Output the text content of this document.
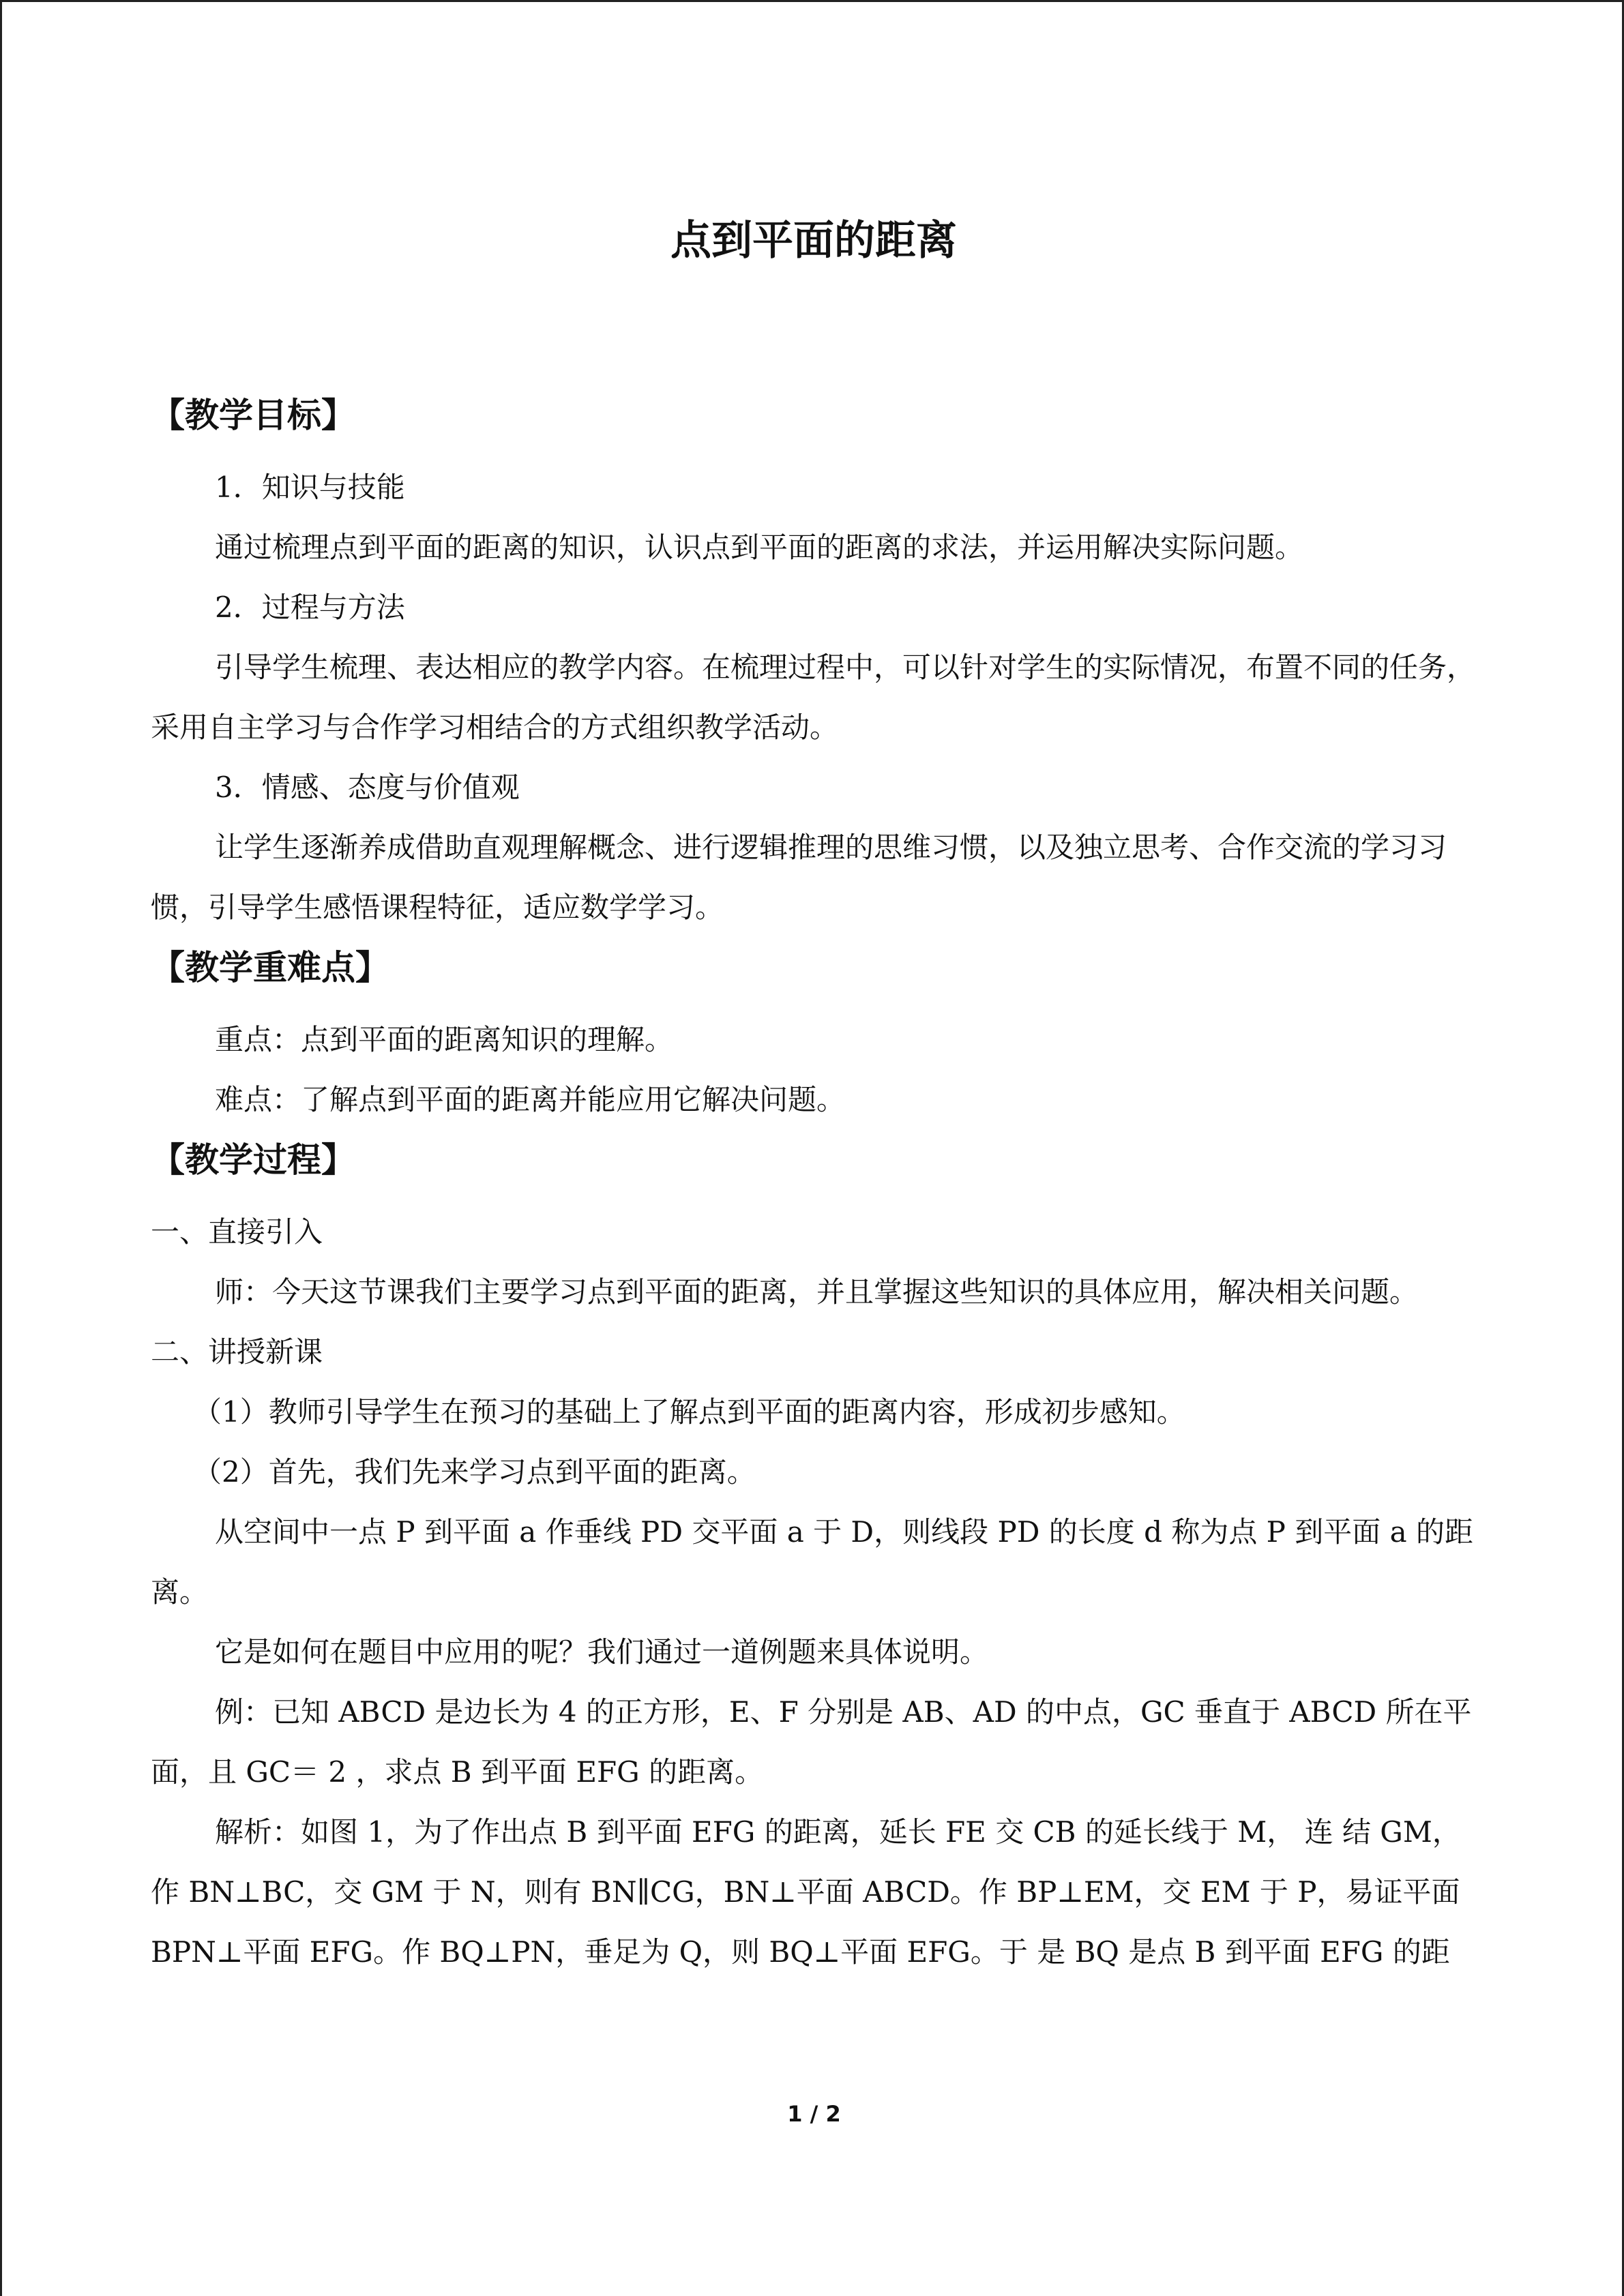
点到平面的距离
【教学目标】

1．知识与技能

通过梳理点到平面的距离的知识，认识点到平面的距离的求法，并运用解决实际问题。

2．过程与方法

引导学生梳理、表达相应的教学内容。在梳理过程中，可以针对学生的实际情况，布置不同的任务，采用自主学习与合作学习相结合的方式组织教学活动。

3．情感、态度与价值观

让学生逐渐养成借助直观理解概念、进行逻辑推理的思维习惯，以及独立思考、合作交流的学习习惯，引导学生感悟课程特征，适应数学学习。

【教学重难点】

重点：点到平面的距离知识的理解。

难点：了解点到平面的距离并能应用它解决问题。

【教学过程】

一、直接引入

师：今天这节课我们主要学习点到平面的距离，并且掌握这些知识的具体应用，解决相关问题。

二、讲授新课

（1）教师引导学生在预习的基础上了解点到平面的距离内容，形成初步感知。

（2）首先，我们先来学习点到平面的距离。

从空间中一点 P 到平面 a 作垂线 PD 交平面 a 于 D，则线段 PD 的长度 d 称为点 P 到平面 a 的距离。

它是如何在题目中应用的呢？我们通过一道例题来具体说明。

例：已知 ABCD 是边长为 4 的正方形，E、F 分别是 AB、AD 的中点，GC 垂直于 ABCD 所在平面，且 GC＝ 2 ，求点 B 到平面 EFG 的距离。

解析：如图 1，为了作出点 B 到平面 EFG 的距离，延长 FE 交 CB 的延长线于 M， 连 结 GM，作 BN⊥BC，交 GM 于 N，则有 BN∥CG，BN⊥平面 ABCD。作 BP⊥EM，交 EM 于 P，易证平面 BPN⊥平面 EFG。作 BQ⊥PN，垂足为 Q，则 BQ⊥平面 EFG。于 是 BQ 是点 B 到平面 EFG 的距

1 / 2
